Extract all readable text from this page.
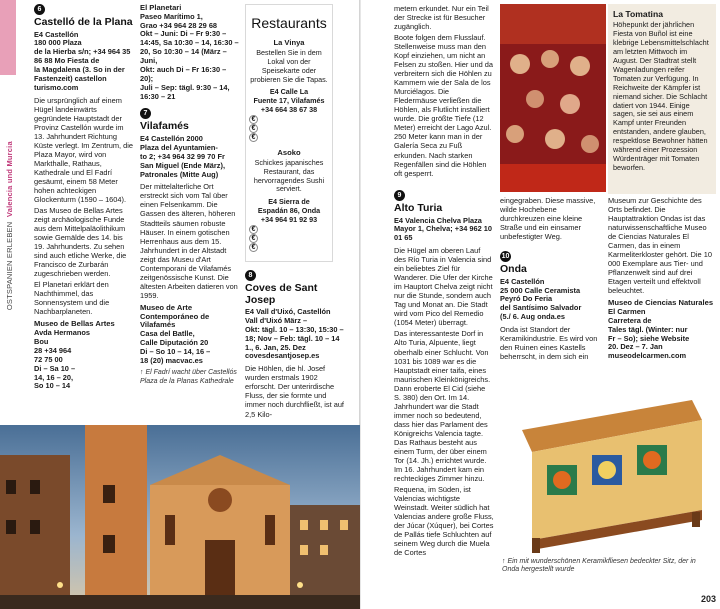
OSTSPANIEN ERLEBEN  Valencia und Murcia
6
Castelló de la Plana
E4 Castellón
180 000 Plaza
de la Hierba s/n; +34 964 35
86 88 Mo Fiesta de
la Magdalena (3. So in der
Fastenzeit) castellon
turismo.com

Die ursprünglich auf einem Hügel landeinwärts gegründete Hauptstadt der Provinz Castellón wurde im 13. Jahrhundert Richtung Küste verlegt. Im Zentrum, die Plaza Mayor, wird von Markthalle, Rathaus, Kathedrale und El Fadrí gesäumt, einem 58 Meter hohen achteckigen Glockenturm (1590 – 1604).

Das Museo de Bellas Artes zeigt archäologische Funde aus dem Mittelpaläolithikum sowie Gemälde des 14. bis 19. Jahrhunderts. Zu sehen sind auch etliche Werke, die Francisco de Zurbarán zugeschrieben werden.

El Planetari erklärt den Nachthimmel, das Sonnensystem und die Nachbarplaneten.

Museo de Bellas Artes
Avda Hermanos Bou
28 +34 964
72 75 00
Di – Sa 10 –
14, 16 – 20,
So 10 – 14
El Planetari
Paseo Marítimo 1,
Grao +34 964 28 29 68
Okt – Juni: Di – Fr 9:30 –
14:45, Sa 10:30 – 14, 16:30 –
20, So 10:30 – 14 (März – Juni,
Okt: auch Di – Fr 16:30 – 20);
Juli – Sep: tägl. 9:30 – 14,
16:30 – 21
7
Vilafamés
E4 Castellón 2000
Plaza del Ayuntamien-
to 2; +34 964 32 99 70 Fr
San Miguel (Ende März),
Patronales (Mitte Aug)

Der mittelalterliche Ort erstreckt sich vom Tal über einen Felsenkamm. Die Gassen des älteren, höheren Stadtteils säumen robuste Häuser. In einem gotischen Herrenhaus aus dem 15. Jahrhundert in der Altstadt zeigt das Museu d'Art Contemporani de Vilafamés zeitgenössische Kunst. Die ältesten Arbeiten datieren von 1959.

Museo de Arte Contemporáneo de Vilafamés
Casa del Batlle,
Calle Diputación 20
Di – So 10 – 14, 16 –
18 (20) macvac.es
↑ El Fadrí wacht über Castellós Plaza de la Planas Kathedrale
Restaurants
La Vinya
Bestellen Sie in dem Lokal von der Speisekarte oder probieren Sie die Tapas.
E4 Calle La
Fuente 17, Vilafamés
+34 664 38 67 38
€
€
€
Asoko
Schickes japanisches Restaurant, das hervorragendes Sushi serviert.
E4 Sierra de
Espadán 86, Onda
+34 964 91 92 93
€
€
€
8
Coves de Sant Josep
E4 Vall d'Uixó, Castellón Vall d'Uixó März –
Okt: tägl. 10 – 13:30, 15:30 –
18; Nov – Feb: tägl. 10 – 14
1., 6. Jan, 25. Dez
covesdesantjosep.es

Die Höhlen, die hl. Josef wurden erstmals 1902 erforscht. Der unterirdische Fluss, der sie formte und immer noch durchfließt, ist auf 2,5 Kilo-

metern erkundet. Nur ein Teil der Strecke ist für Besucher zugänglich.

Boote folgen dem Flusslauf. Stellenweise muss man den Kopf einziehen, um nicht an Felsen zu stoßen. Hier und da verbreitern sich die Höhlen zu Kammern wie der Sala de los Murciélagos. Die Fledermäuse verließen die Höhlen, als Flutlicht installiert wurde. Die größte Tiefe (12 Meter) erreicht der Lago Azul. 250 Meter kann man in der Galería Seca zu Fuß erkunden. Nach starken Regenfällen sind die Höhlen oft gesperrt.

La Tomatina
Höhepunkt der jährlichen Fiesta von Buñol ist eine klebrige Lebensmittelschlacht am letzten Mittwoch im August. Der Stadtrat stellt Wagenladungen reifer Tomaten zur Verfügung. In Reichweite der Kämpfer ist niemand sicher. Die Schlacht datiert von 1944. Einige sagen, sie sei aus einem Kampf unter Freunden entstanden, andere glauben, respektlose Bewohner hätten während einer Prozession Würdenträger mit Tomaten beworfen.
9
Alto Turia
E4 Valencia Chelva Plaza Mayor 1, Chelva; +34 962 10 01 65

Die Hügel am oberen Lauf des Río Turia in Valencia sind ein beliebtes Ziel für Wanderer. Die Ufer der Kirche im Hauptort Chelva zeigt nicht nur die Stunde, sondern auch Tag und Monat an. Die Stadt wird vom Pico del Remedio (1054 Meter) überragt.

Das interessanteste Dorf in Alto Turia, Alpuente, liegt oberhalb einer Schlucht. Von 1031 bis 1089 war es die Hauptstadt einer taifa, eines maurischen Kleinkönigreichs. Dann eroberte El Cid (siehe S. 380) den Ort. Im 14. Jahrhundert war die Stadt immer noch so bedeutend, dass hier das Parlament des Königreichs Valencia tagte. Das Rathaus besteht aus einem Turm, der über einem Tor (14. Jh.) errichtet wurde. Im 16. Jahrhundert kam ein rechteckiges Zimmer hinzu.

Requena, im Süden, ist Valencias wichtigste Weinstadt. Weiter südlich hat Valencias andere große Fluss, der Júcar (Xúquer), bei Cortes de Pallás tiefe Schluchten auf seinem Weg durch die Muela de Cortes

eingegraben. Diese massive, wilde Hochebene durchkreuzen eine kleine Straße und ein einsamer unbefestigter Weg.

10
Onda
E4 Castellón
25 000 Calle Ceramista Peyró Do Feria
del Santísimo Salvador
(5./ 6. Aug onda.es

Onda ist Standort der Keramikindustrie. Es wird von den Ruinen eines Kastells beherrscht, in dem sich ein

Museum zur Geschichte des Orts befindet. Die Hauptattraktion Ondas ist das naturwissenschaftliche Museo de Ciencias Naturales El Carmen, das in einem Karmeliterkloster gehört. Die 10 000 Exemplare aus Tier- und Pflanzenwelt sind auf drei Etagen verteilt und effektvoll beleuchtet.

Museo de Ciencias Naturales El Carmen
Carretera de
Tales tägl. (Winter: nur
Fr – So); siehe Website
20. Dez – 7. Jan
museodelcarmen.com
↑ Ein mit wunderschönen Keramikfliesen bedeckter Sitz, der in Onda hergestellt wurde
203
